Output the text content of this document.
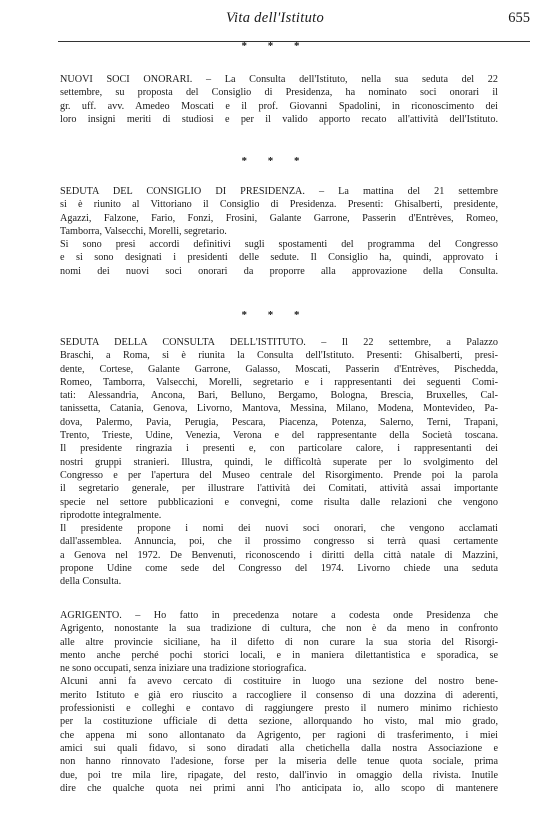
Vita dell'Istituto	655
* * *
NUOVI SOCI ONORARI. – La Consulta dell'Istituto, nella sua seduta del 22
settembre, su proposta del Consiglio di Presidenza, ha nominato soci onorari il
gr. uff. avv. Amedeo Moscati e il prof. Giovanni Spadolini, in riconoscimento dei
loro insigni meriti di studiosi e per il valido apporto recato all'attività dell'Istituto.
* * *
SEDUTA DEL CONSIGLIO DI PRESIDENZA. – La mattina del 21 settembre
si è riunito al Vittoriano il Consiglio di Presidenza. Presenti: Ghisalberti, presidente,
Agazzi, Falzone, Fario, Fonzi, Frosini, Galante Garrone, Passerin d'Entrèves, Romeo,
Tamborra, Valsecchi, Morelli, segretario.
Si sono presi accordi definitivi sugli spostamenti del programma del Congresso
e si sono designati i presidenti delle sedute. Il Consiglio ha, quindi, approvato i
nomi dei nuovi soci onorari da proporre alla approvazione della Consulta.
* * *
SEDUTA DELLA CONSULTA DELL'ISTITUTO. – Il 22 settembre, a Palazzo
Braschi, a Roma, si è riunita la Consulta dell'Istituto. Presenti: Ghisalberti, presi-
dente, Cortese, Galante Garrone, Galasso, Moscati, Passerin d'Entrèves, Pischedda,
Romeo, Tamborra, Valsecchi, Morelli, segretario e i rappresentanti dei seguenti Comi-
tati: Alessandria, Ancona, Bari, Belluno, Bergamo, Bologna, Brescia, Bruxelles, Cal-
tanissetta, Catania, Genova, Livorno, Mantova, Messina, Milano, Modena, Montevideo, Pa-
dova, Palermo, Pavia, Perugia, Pescara, Piacenza, Potenza, Salerno, Terni, Trapani,
Trento, Trieste, Udine, Venezia, Verona e del rappresentante della Società toscana.
Il presidente ringrazia i presenti e, con particolare calore, i rappresentanti dei
nostri gruppi stranieri. Illustra, quindi, le difficoltà superate per lo svolgimento del
Congresso e per l'apertura del Museo centrale del Risorgimento. Prende poi la parola
il segretario generale, per illustrare l'attività dei Comitati, attività assai importante
specie nel settore pubblicazioni e convegni, come risulta dalle relazioni che vengono
riprodotte integralmente.
Il presidente propone i nomi dei nuovi soci onorari, che vengono acclamati
dall'assemblea. Annuncia, poi, che il prossimo congresso si terrà quasi certamente
a Genova nel 1972. De Benvenuti, riconoscendo i diritti della città natale di Mazzini,
propone Udine come sede del Congresso del 1974. Livorno chiede una seduta
della Consulta.
AGRIGENTO. – Ho fatto in precedenza notare a codesta onde Presidenza che
Agrigento, nonostante la sua tradizione di cultura, che non è da meno in confronto
alle altre provincie siciliane, ha il difetto di non curare la sua storia del Risorgi-
mento anche perché pochi storici locali, e in maniera dilettantistica e sporadica, se
ne sono occupati, senza iniziare una tradizione storiografica.
Alcuni anni fa avevo cercato di costituire in luogo una sezione del nostro bene-
merito Istituto e già ero riuscito a raccogliere il consenso di una dozzina di aderenti,
professionisti e colleghi e contavo di raggiungere presto il numero minimo richiesto
per la costituzione ufficiale di detta sezione, allorquando ho visto, mal mio grado,
che appena mi sono allontanato da Agrigento, per ragioni di trasferimento, i miei
amici sui quali fidavo, si sono diradati alla chetichella dalla nostra Associazione e
non hanno rinnovato l'adesione, forse per la miseria delle tenue quota sociale, prima
due, poi tre mila lire, ripagate, del resto, dall'invio in omaggio della rivista. Inutile
dire che qualche quota nei primi anni l'ho anticipata io, allo scopo di mantenere
